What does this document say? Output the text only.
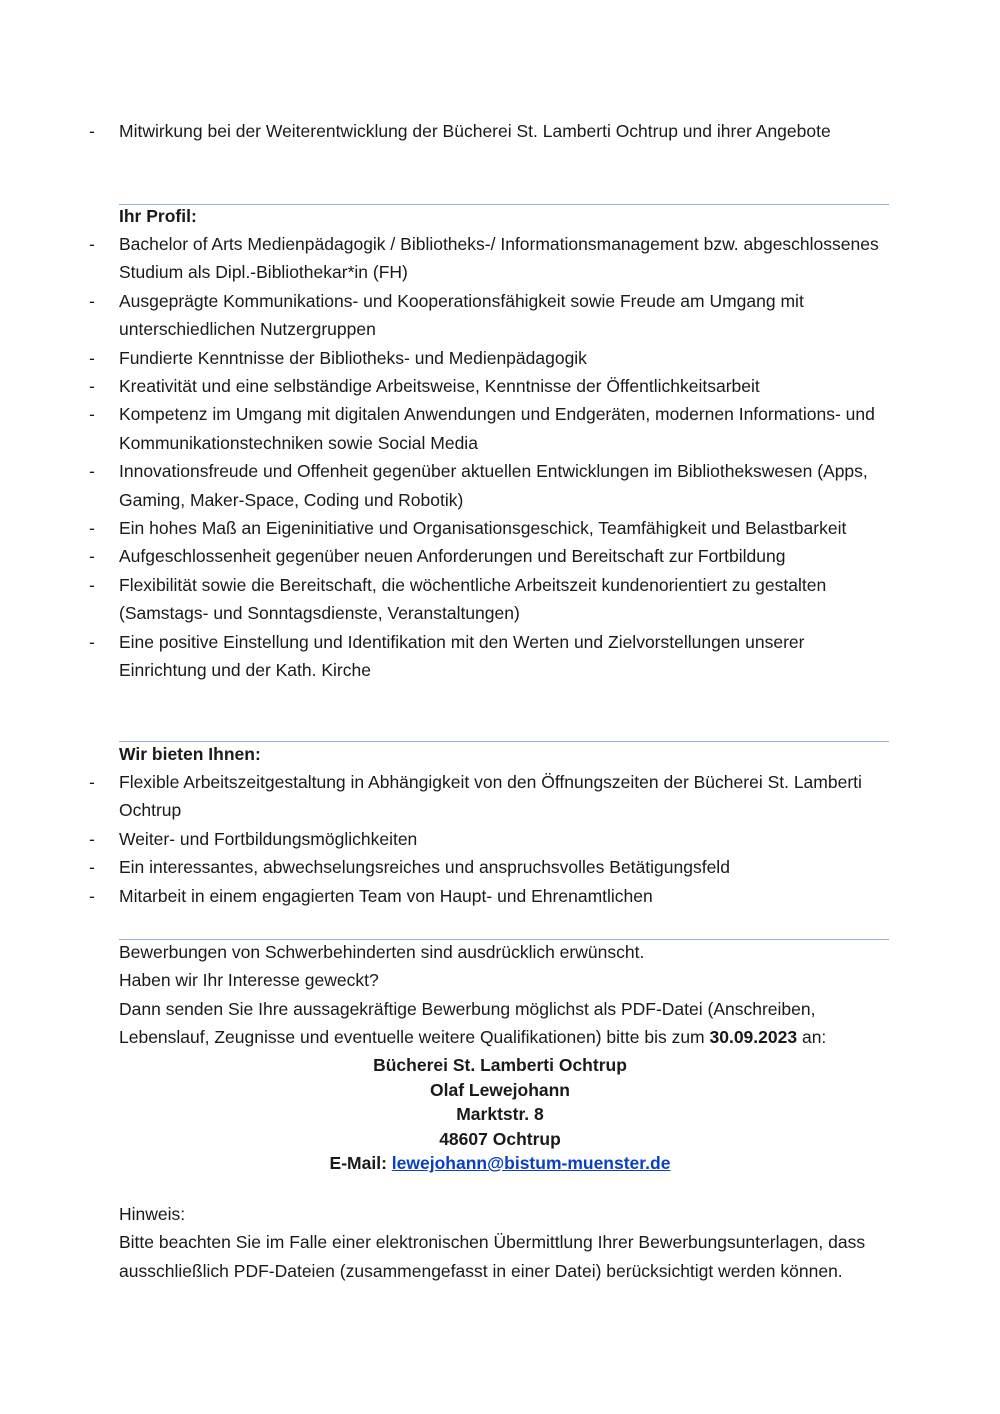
- Mitwirkung bei der Weiterentwicklung der Bücherei St. Lamberti Ochtrup und ihrer Angebote
Ihr Profil:
- Bachelor of Arts Medienpädagogik / Bibliotheks-/ Informationsmanagement bzw. abgeschlossenes Studium als Dipl.-Bibliothekar*in (FH)
- Ausgeprägte Kommunikations- und Kooperationsfähigkeit sowie Freude am Umgang mit unterschiedlichen Nutzergruppen
- Fundierte Kenntnisse der Bibliotheks- und Medienpädagogik
- Kreativität und eine selbständige Arbeitsweise, Kenntnisse der Öffentlichkeitsarbeit
- Kompetenz im Umgang mit digitalen Anwendungen und Endgeräten, modernen Informations- und Kommunikationstechniken sowie Social Media
- Innovationsfreude und Offenheit gegenüber aktuellen Entwicklungen im Bibliothekswesen (Apps, Gaming, Maker-Space, Coding und Robotik)
- Ein hohes Maß an Eigeninitiative und Organisationsgeschick, Teamfähigkeit und Belastbarkeit
- Aufgeschlossenheit gegenüber neuen Anforderungen und Bereitschaft zur Fortbildung
- Flexibilität sowie die Bereitschaft, die wöchentliche Arbeitszeit kundenorientiert zu gestalten (Samstags- und Sonntagsdienste, Veranstaltungen)
- Eine positive Einstellung und Identifikation mit den Werten und Zielvorstellungen unserer Einrichtung und der Kath. Kirche
Wir bieten Ihnen:
- Flexible Arbeitszeitgestaltung in Abhängigkeit von den Öffnungszeiten der Bücherei St. Lamberti Ochtrup
- Weiter- und Fortbildungsmöglichkeiten
- Ein interessantes, abwechselungsreiches und anspruchsvolles Betätigungsfeld
- Mitarbeit in einem engagierten Team von Haupt- und Ehrenamtlichen

Bewerbungen von Schwerbehinderten sind ausdrücklich erwünscht.

Haben wir Ihr Interesse geweckt?

Dann senden Sie Ihre aussagekräftige Bewerbung möglichst als PDF-Datei (Anschreiben, Lebenslauf, Zeugnisse und eventuelle weitere Qualifikationen) bitte bis zum 30.09.2023 an:

Bücherei St. Lamberti Ochtrup
Olaf Lewejohann
Marktstr. 8
48607 Ochtrup
E-Mail: lewejohann@bistum-muenster.de

Hinweis:

Bitte beachten Sie im Falle einer elektronischen Übermittlung Ihrer Bewerbungsunterlagen, dass ausschließlich PDF-Dateien (zusammengefasst in einer Datei) berücksichtigt werden können.
